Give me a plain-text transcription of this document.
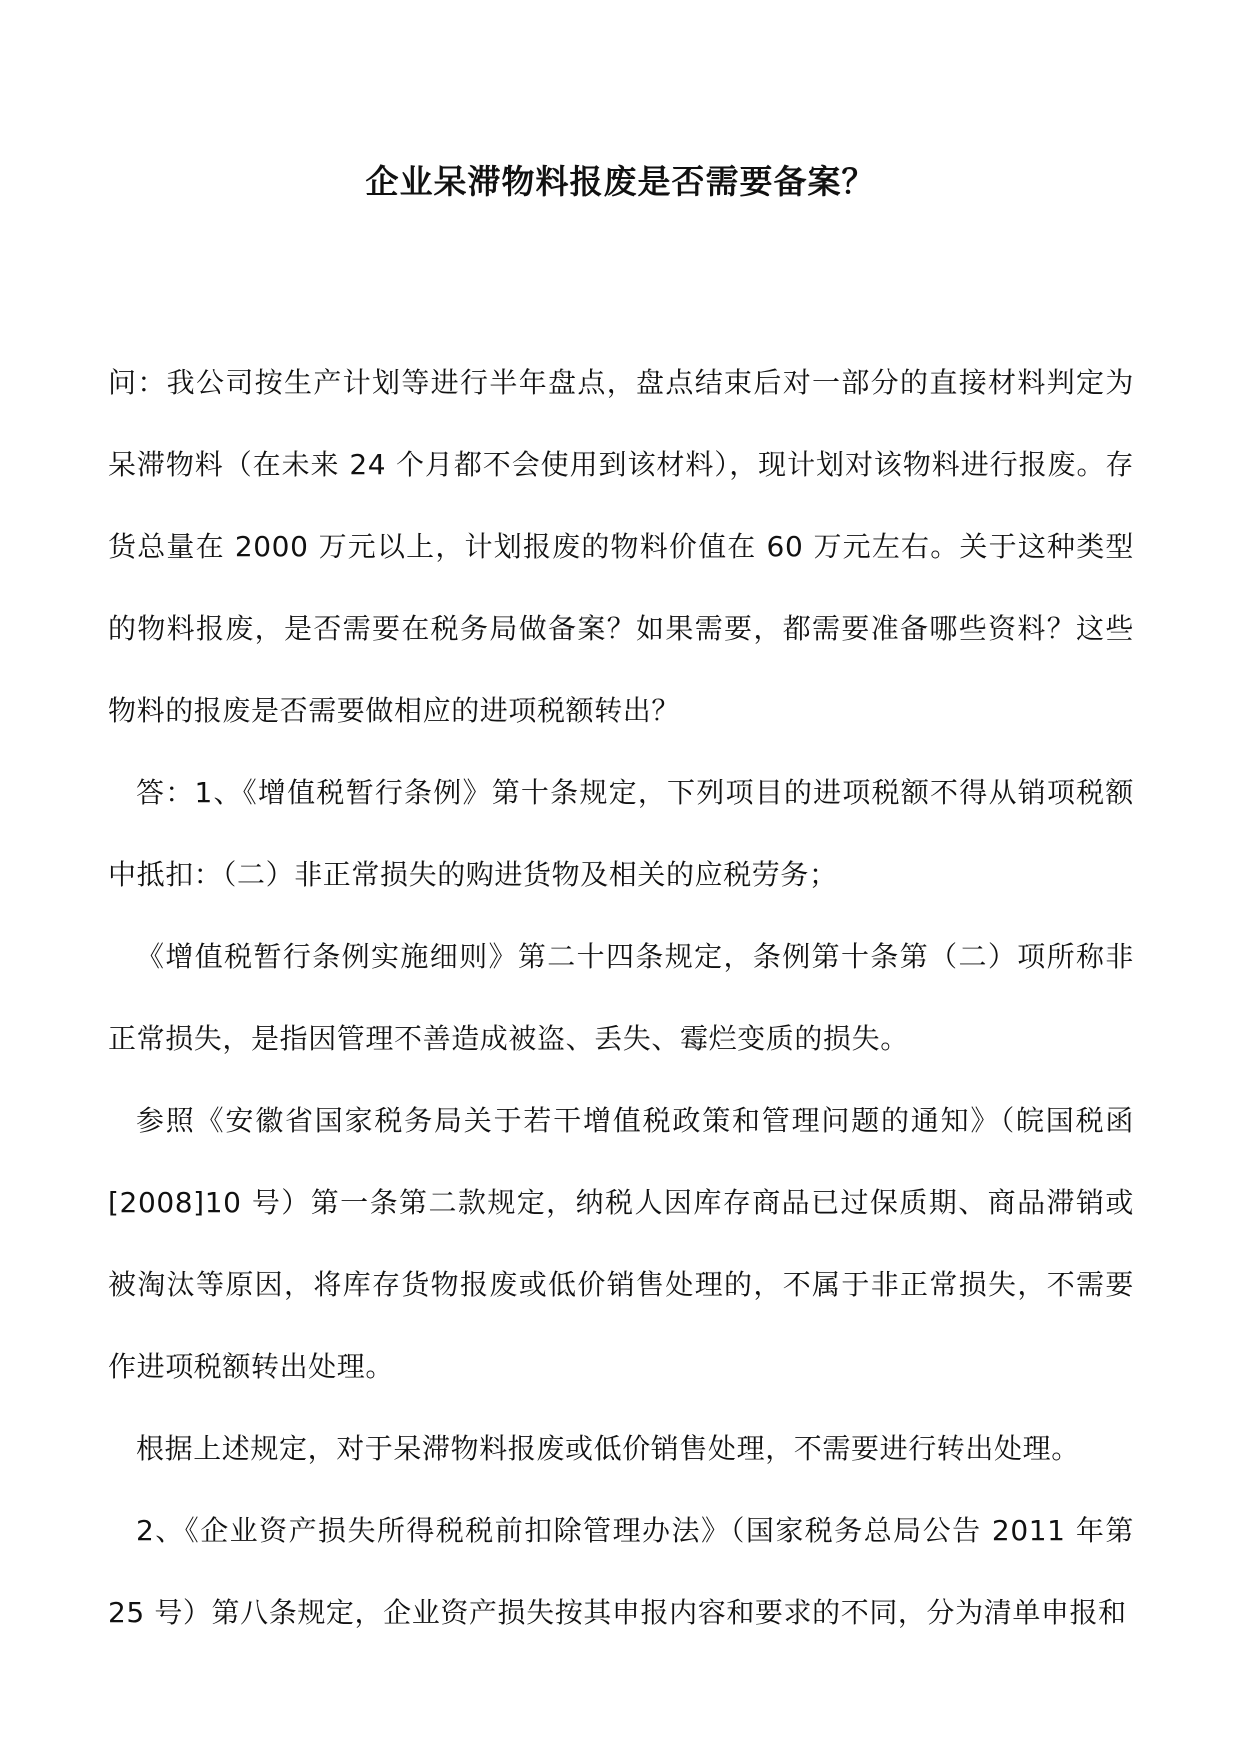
企业呆滞物料报废是否需要备案？

问：我公司按生产计划等进行半年盘点，盘点结束后对一部分的直接材料判定为呆滞物料（在未来 24 个月都不会使用到该材料），现计划对该物料进行报废。存货总量在 2000 万元以上，计划报废的物料价值在 60 万元左右。关于这种类型的物料报废，是否需要在税务局做备案？如果需要，都需要准备哪些资料？这些物料的报废是否需要做相应的进项税额转出？

答：1、《增值税暂行条例》第十条规定，下列项目的进项税额不得从销项税额中抵扣：（二）非正常损失的购进货物及相关的应税劳务；

《增值税暂行条例实施细则》第二十四条规定，条例第十条第（二）项所称非正常损失，是指因管理不善造成被盗、丢失、霉烂变质的损失。

参照《安徽省国家税务局关于若干增值税政策和管理问题的通知》（皖国税函[2008]10 号）第一条第二款规定，纳税人因库存商品已过保质期、商品滞销或被淘汰等原因，将库存货物报废或低价销售处理的，不属于非正常损失，不需要作进项税额转出处理。

根据上述规定，对于呆滞物料报废或低价销售处理，不需要进行转出处理。

2、《企业资产损失所得税税前扣除管理办法》（国家税务总局公告 2011 年第25 号）第八条规定，企业资产损失按其申报内容和要求的不同，分为清单申报和
